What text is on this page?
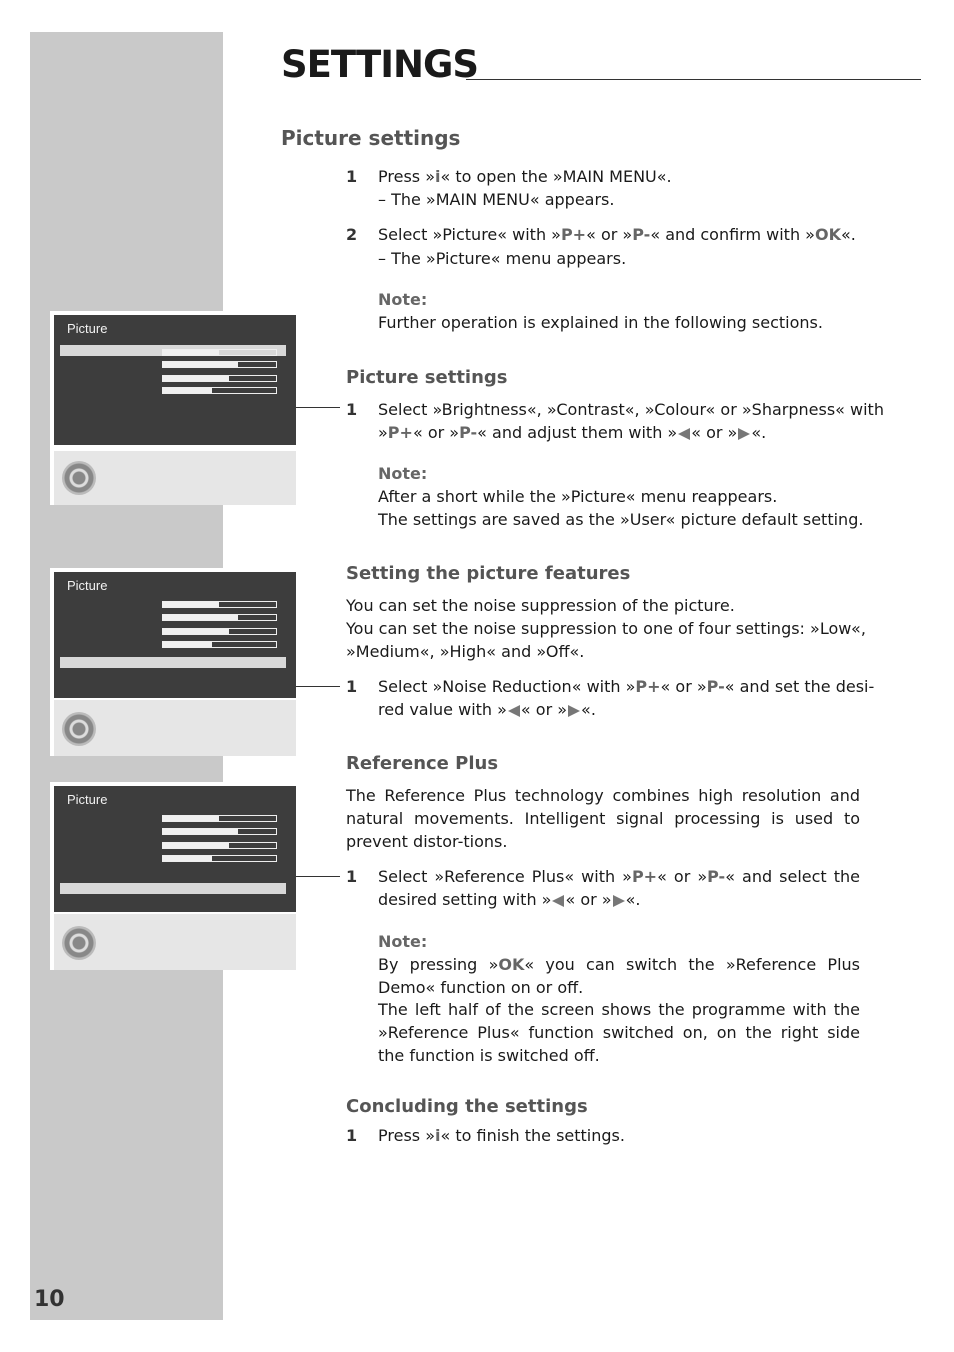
SETTINGS
Picture settings
1 Press »i« to open the »MAIN MENU«.
– The »MAIN MENU« appears.
2 Select »Picture« with »P+« or »P-« and confirm with »OK«.
– The »Picture« menu appears.
Note:
Further operation is explained in the following sections.
Picture settings
1 Select »Brightness«, »Contrast«, »Colour« or »Sharpness« with
»P+« or »P-« and adjust them with » « or » «.
Note:
After a short while the »Picture« menu reappears.
The settings are saved as the »User« picture default setting.
Setting the picture features
You can set the noise suppression of the picture.
You can set the noise suppression to one of four settings: »Low«,
»Medium«, »High« and »Off«.
1 Select »Noise Reduction« with »P+« or »P-« and set the desi-
red value with » « or » «.
Reference Plus
The Reference Plus technology combines high resolution and natural movements. Intelligent signal processing is used to prevent distor-tions.
1 Select »Reference Plus« with »P+« or »P-« and select the
desired setting with » « or » «.
Note:
By pressing »OK« you can switch the »Reference Plus Demo« function on or off.
The left half of the screen shows the programme with the »Reference Plus« function switched on, on the right side the function is switched off.
Concluding the settings
1 Press »i« to finish the settings.
Picture
Picture
Picture
10
